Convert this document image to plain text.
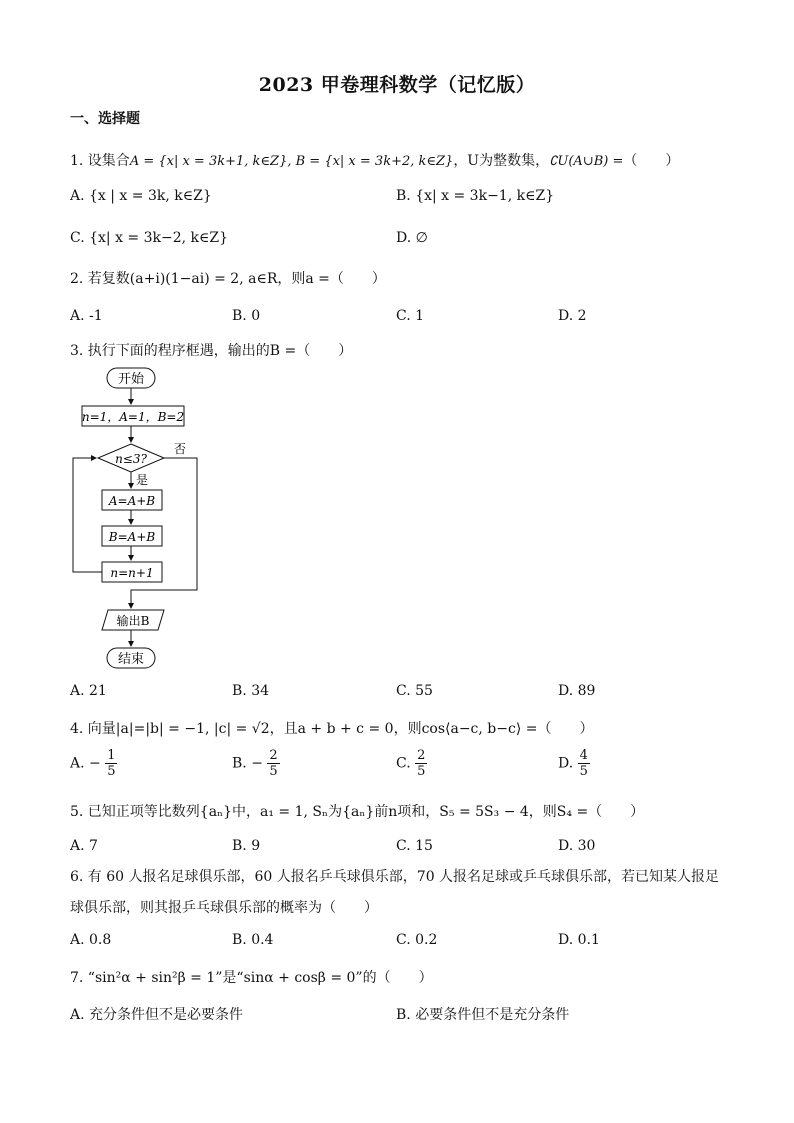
2023 甲卷理科数学（记忆版）
一、选择题
1. 设集合A = {x| x = 3k+1, k∈Z}, B = {x| x = 3k+2, k∈Z}，U为整数集，∁U(A∪B) =（　　）
A. {x | x = 3k, k∈Z}	B. {x| x = 3k−1, k∈Z}
C. {x| x = 3k−2, k∈Z}	D. ∅
2. 若复数(a+i)(1−ai) = 2, a∈R，则a =（　　）
A. -1	B. 0	C. 1	D. 2
3. 执行下面的程序框遇，输出的B =（　　）
开始
n=1，A=1，B=2
n≤3?
否
是
A=A+B
B=A+B
n=n+1
输出B
结束
A. 21	B. 34	C. 55	D. 89
4. 向量|a|=|b| = −1, |c| = √2，且a + b + c = 0，则cos⟨a−c, b−c⟩ =（　　）
A. − $\frac{1}{5}$	B. − $\frac{2}{5}$	C. $\frac{2}{5}$	D. $\frac{4}{5}$
5. 已知正项等比数列{aₙ}中，a₁ = 1, Sₙ为{aₙ}前n项和，S₅ = 5S₃ − 4，则S₄ =（　　）
A. 7	B. 9	C. 15	D. 30
6. 有 60 人报名足球俱乐部，60 人报名乒乓球俱乐部，70 人报名足球或乒乓球俱乐部，若已知某人报足球俱乐部，则其报乒乓球俱乐部的概率为（　　）
A. 0.8	B. 0.4	C. 0.2	D. 0.1
7. “sin²α + sin²β = 1”是“sinα + cosβ = 0”的（　　）
A. 充分条件但不是必要条件	B. 必要条件但不是充分条件
